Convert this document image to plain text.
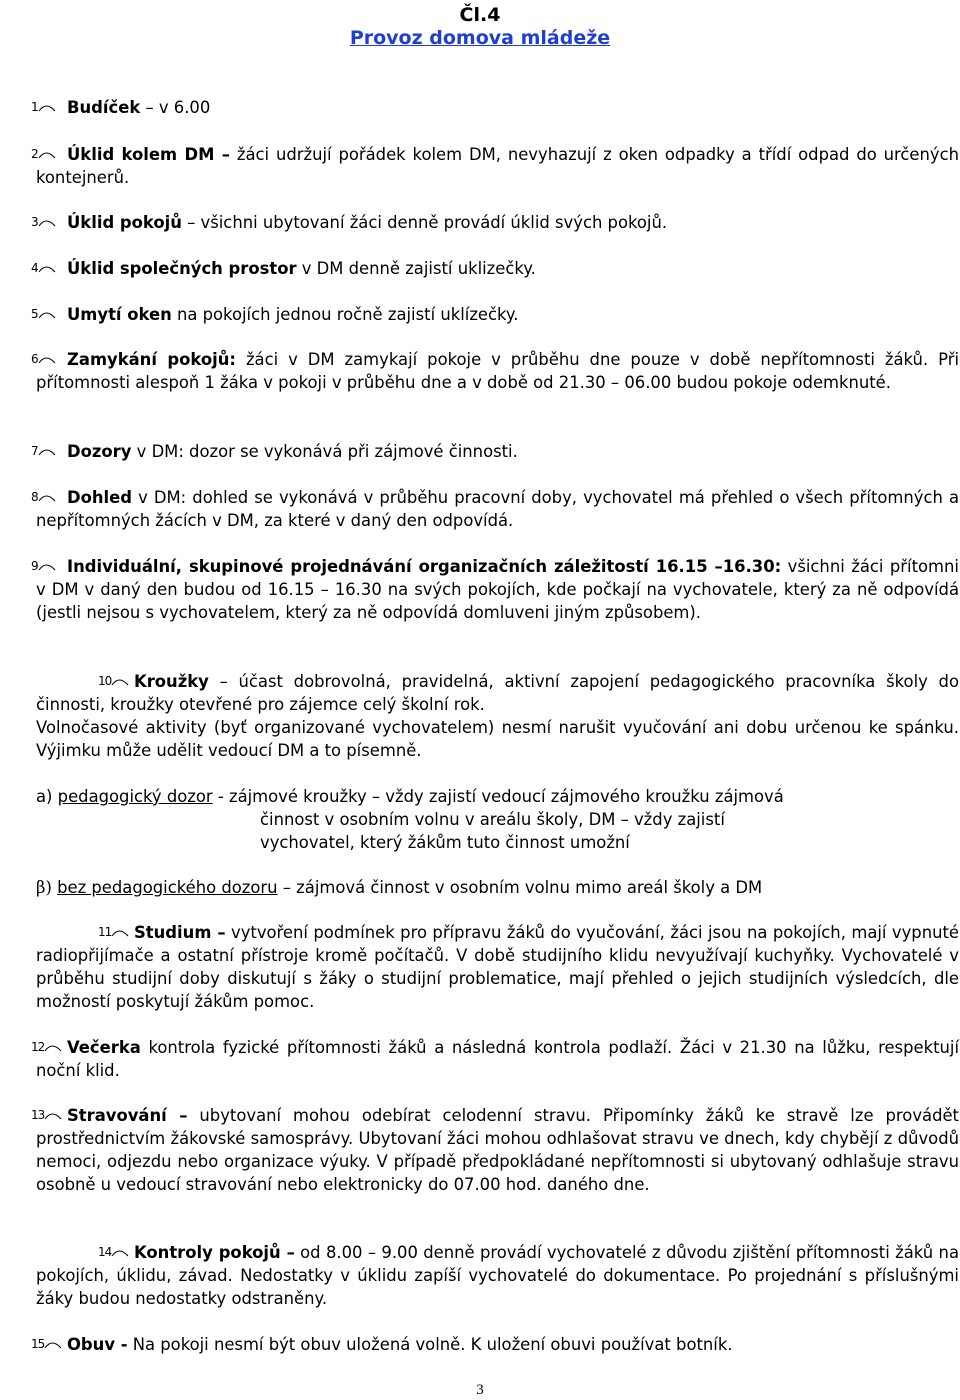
Čl.4
Provoz domova mládeže
1 Budíček – v 6.00
2 Úklid kolem DM – žáci udržují pořádek kolem DM, nevyhazují z oken odpadky a třídí odpad do určených kontejnerů.
3 Úklid pokojů – všichni ubytovaní žáci denně provádí úklid svých pokojů.
4 Úklid společných prostor v DM denně zajistí uklizečky.
5 Umytí oken na pokojích jednou ročně zajistí uklízečky.
6 Zamykání pokojů: žáci v DM zamykají pokoje v průběhu dne pouze v době nepřítomnosti žáků. Při přítomnosti alespoň 1 žáka v pokoji v průběhu dne a v době od 21.30 – 06.00 budou pokoje odemknuté.
7 Dozory v DM: dozor se vykonává při zájmové činnosti.
8 Dohled v DM: dohled se vykonává v průběhu pracovní doby, vychovatel má přehled o všech přítomných a nepřítomných žácích v DM, za které v daný den odpovídá.
9 Individuální, skupinové projednávání organizačních záležitostí 16.15 –16.30: všichni žáci přítomni v DM v daný den budou od 16.15 – 16.30 na svých pokojích, kde počkají na vychovatele, který za ně odpovídá (jestli nejsou s vychovatelem, který za ně odpovídá domluveni jiným způsobem).
10 Kroužky – účast dobrovolná, pravidelná, aktivní zapojení pedagogického pracovníka školy do činnosti, kroužky otevřené pro zájemce celý školní rok.
Volnočasové aktivity (byť organizované vychovatelem) nesmí narušit vyučování ani dobu určenou ke spánku. Výjimku může udělit vedoucí DM a to písemně.
a) pedagogický dozor - zájmové kroužky – vždy zajistí vedoucí zájmového kroužku zájmová
činnost v osobním volnu v areálu školy, DM – vždy zajistí
vychovatel, který žákům tuto činnost umožní
β) bez pedagogického dozoru – zájmová činnost v osobním volnu mimo areál školy a DM
11 Studium – vytvoření podmínek pro přípravu žáků do vyučování, žáci jsou na pokojích, mají vypnuté radiopřijímače a ostatní přístroje kromě počítačů. V době studijního klidu nevyužívají kuchyňky. Vychovatelé v průběhu studijní doby diskutují s žáky o studijní problematice, mají přehled o jejich studijních výsledcích, dle možností poskytují žákům pomoc.
12 Večerka kontrola fyzické přítomnosti žáků a následná kontrola podlaží. Žáci v 21.30 na lůžku, respektují noční klid.
13 Stravování – ubytovaní mohou odebírat celodenní stravu. Připomínky žáků ke stravě lze provádět prostřednictvím žákovské samosprávy. Ubytovaní žáci mohou odhlašovat stravu ve dnech, kdy chybějí z důvodů nemoci, odjezdu nebo organizace výuky. V případě předpokládané nepřítomnosti si ubytovaný odhlašuje stravu osobně u vedoucí stravování nebo elektronicky do 07.00 hod. daného dne.
14 Kontroly pokojů – od 8.00 – 9.00 denně provádí vychovatelé z důvodu zjištění přítomnosti žáků na pokojích, úklidu, závad. Nedostatky v úklidu zapíší vychovatelé do dokumentace. Po projednání s příslušnými žáky budou nedostatky odstraněny.
15 Obuv - Na pokoji nesmí být obuv uložená volně. K uložení obuvi používat botník.
3
